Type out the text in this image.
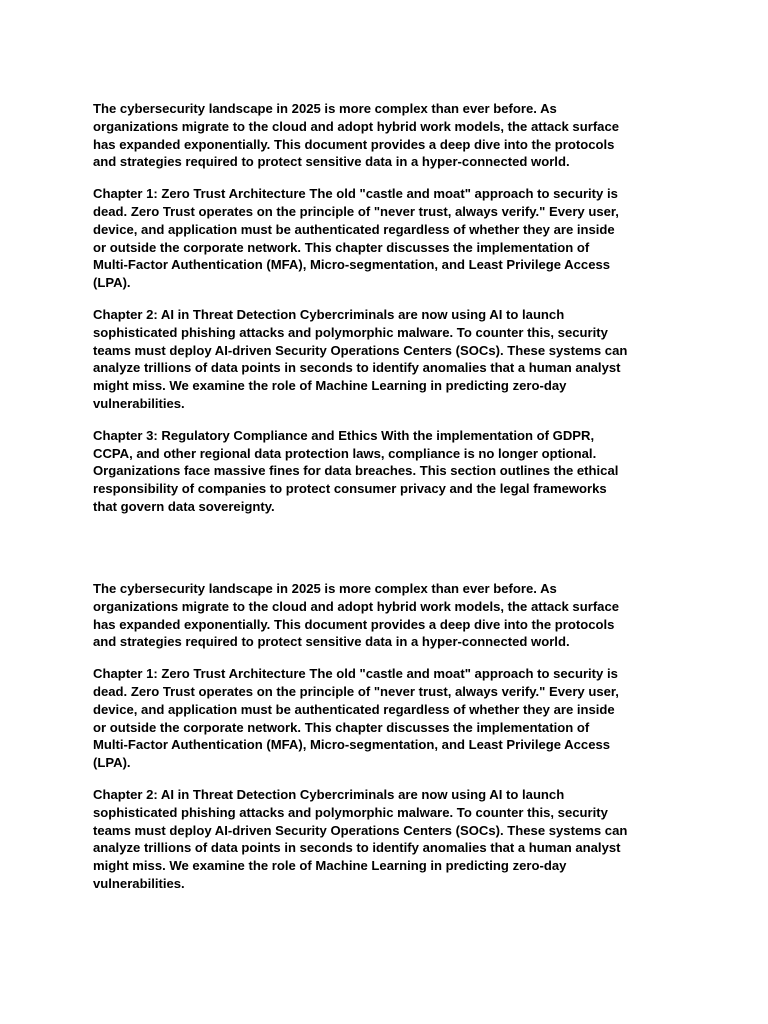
The cybersecurity landscape in 2025 is more complex than ever before. As
organizations migrate to the cloud and adopt hybrid work models, the attack surface
has expanded exponentially. This document provides a deep dive into the protocols
and strategies required to protect sensitive data in a hyper-connected world.

Chapter 1: Zero Trust Architecture The old "castle and moat" approach to security is
dead. Zero Trust operates on the principle of "never trust, always verify." Every user,
device, and application must be authenticated regardless of whether they are inside
or outside the corporate network. This chapter discusses the implementation of
Multi-Factor Authentication (MFA), Micro-segmentation, and Least Privilege Access
(LPA).

Chapter 2: AI in Threat Detection Cybercriminals are now using AI to launch
sophisticated phishing attacks and polymorphic malware. To counter this, security
teams must deploy AI-driven Security Operations Centers (SOCs). These systems can
analyze trillions of data points in seconds to identify anomalies that a human analyst
might miss. We examine the role of Machine Learning in predicting zero-day
vulnerabilities.

Chapter 3: Regulatory Compliance and Ethics With the implementation of GDPR,
CCPA, and other regional data protection laws, compliance is no longer optional.
Organizations face massive fines for data breaches. This section outlines the ethical
responsibility of companies to protect consumer privacy and the legal frameworks
that govern data sovereignty.

The cybersecurity landscape in 2025 is more complex than ever before. As
organizations migrate to the cloud and adopt hybrid work models, the attack surface
has expanded exponentially. This document provides a deep dive into the protocols
and strategies required to protect sensitive data in a hyper-connected world.

Chapter 1: Zero Trust Architecture The old "castle and moat" approach to security is
dead. Zero Trust operates on the principle of "never trust, always verify." Every user,
device, and application must be authenticated regardless of whether they are inside
or outside the corporate network. This chapter discusses the implementation of
Multi-Factor Authentication (MFA), Micro-segmentation, and Least Privilege Access
(LPA).

Chapter 2: AI in Threat Detection Cybercriminals are now using AI to launch
sophisticated phishing attacks and polymorphic malware. To counter this, security
teams must deploy AI-driven Security Operations Centers (SOCs). These systems can
analyze trillions of data points in seconds to identify anomalies that a human analyst
might miss. We examine the role of Machine Learning in predicting zero-day
vulnerabilities.
